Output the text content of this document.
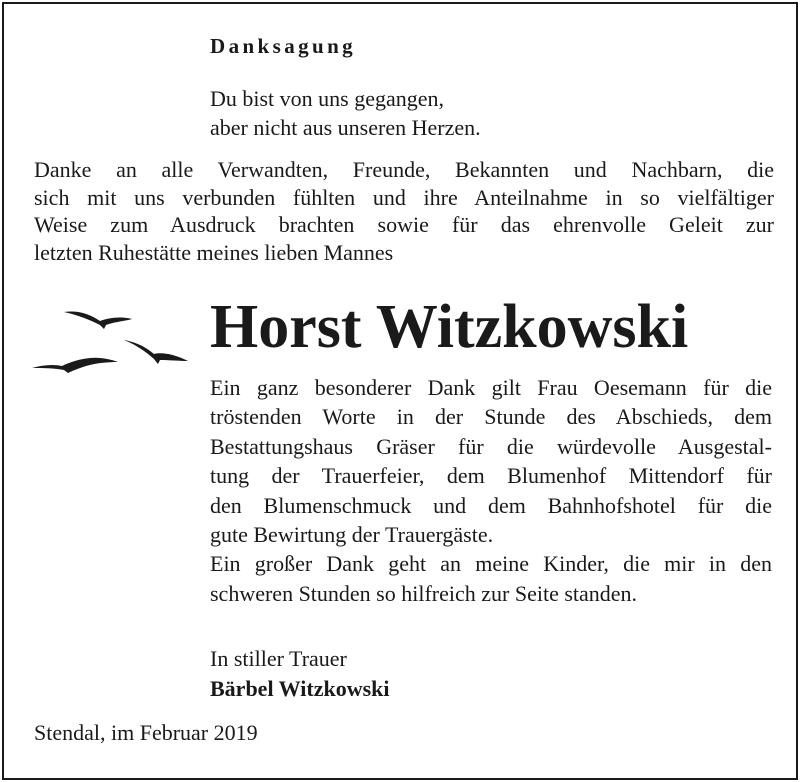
Danksagung
Du bist von uns gegangen,
aber nicht aus unseren Herzen.
Danke an alle Verwandten, Freunde, Bekannten und Nachbarn, die
sich mit uns verbunden fühlten und ihre Anteilnahme in so vielfältiger
Weise zum Ausdruck brachten sowie für das ehrenvolle Geleit zur
letzten Ruhestätte meines lieben Mannes
Horst Witzkowski
Ein ganz besonderer Dank gilt Frau Oesemann für die
tröstenden Worte in der Stunde des Abschieds, dem
Bestattungshaus Gräser für die würdevolle Ausgestal-
tung der Trauerfeier, dem Blumenhof Mittendorf für
den Blumenschmuck und dem Bahnhofshotel für die
gute Bewirtung der Trauergäste.
Ein großer Dank geht an meine Kinder, die mir in den
schweren Stunden so hilfreich zur Seite standen.
In stiller Trauer
Bärbel Witzkowski
Stendal, im Februar 2019
